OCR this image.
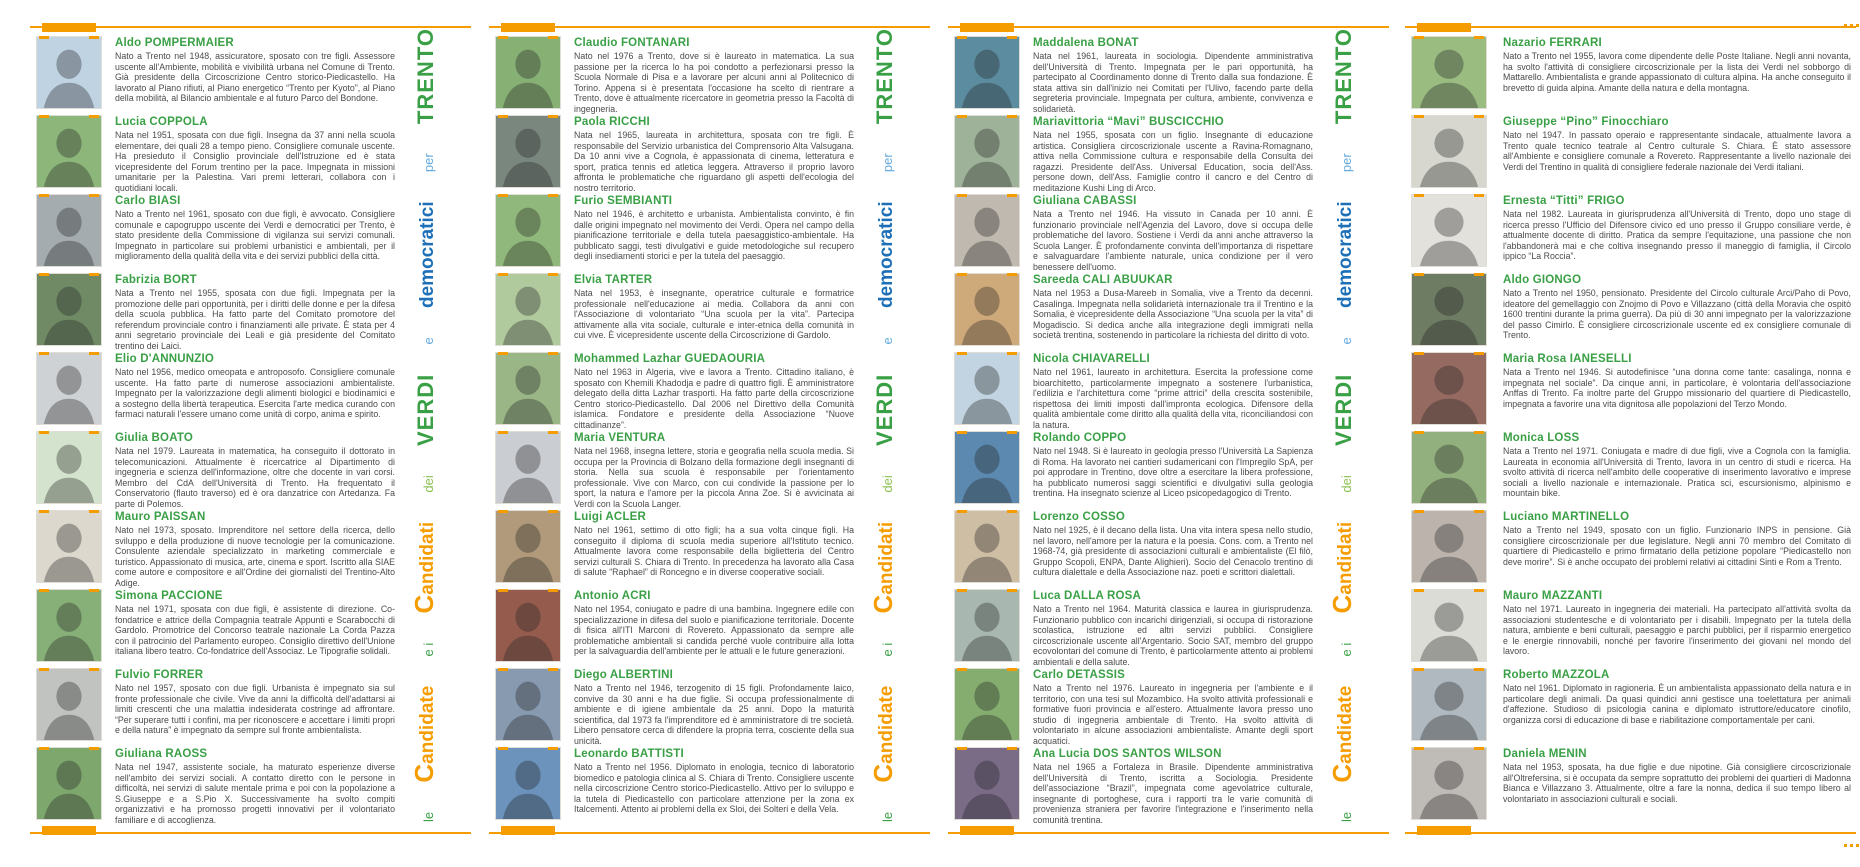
Aldo POMPERMAIER
Nato a Trento nel 1948, assicuratore, sposato con tre figli. Assessore uscente all'Ambiente, mobilità e vivibilità urbana nel Comune di Trento. Già presidente della Circoscrizione Centro storico-Piedicastello. Ha lavorato al Piano rifiuti, al Piano energetico “Trento per Kyoto”, al Piano della mobilità, al Bilancio ambientale e al futuro Parco del Bondone.
Lucia COPPOLA
Nata nel 1951, sposata con due figli. Insegna da 37 anni nella scuola elementare, dei quali 28 a tempo pieno. Consigliere comunale uscente. Ha presieduto il Consiglio provinciale dell'Istruzione ed è stata vicepresidente del Forum trentino per la pace. Impegnata in missioni umanitarie per la Palestina. Vari premi letterari, collabora con i quotidiani locali.
Carlo BIASI
Nato a Trento nel 1961, sposato con due figli, è avvocato. Consigliere comunale e capogruppo uscente dei Verdi e democratici per Trento, è stato presidente della Commissione di vigilanza sui servizi comunali. Impegnato in particolare sui problemi urbanistici e ambientali, per il miglioramento della qualità della vita e dei servizi pubblici della città.
Fabrizia BORT
Nata a Trento nel 1955, sposata con due figli. Impegnata per la promozione delle pari opportunità, per i diritti delle donne e per la difesa della scuola pubblica. Ha fatto parte del Comitato promotore del referendum provinciale contro i finanziamenti alle private. È stata per 4 anni segretario provinciale dei Leali e già presidente del Comitato trentino dei Laici.
Elio D'ANNUNZIO
Nato nel 1956, medico omeopata e antroposofo. Consigliere comunale uscente. Ha fatto parte di numerose associazioni ambientaliste. Impegnato per la valorizzazione degli alimenti biologici e biodinamici e a sostegno della libertà terapeutica. Esercita l'arte medica curando con farmaci naturali l'essere umano come unità di corpo, anima e spirito.
Giulia BOATO
Nata nel 1979. Laureata in matematica, ha conseguito il dottorato in telecomunicazioni. Attualmente è ricercatrice al Dipartimento di ingegneria e scienza dell'informazione, oltre che docente in vari corsi. Membro del CdA dell'Università di Trento. Ha frequentato il Conservatorio (flauto traverso) ed è ora danzatrice con Artedanza. Fa parte di Polemos.
Mauro PAISSAN
Nato nel 1973, sposato. Imprenditore nel settore della ricerca, dello sviluppo e della produzione di nuove tecnologie per la comunicazione. Consulente aziendale specializzato in marketing commerciale e turistico. Appassionato di musica, arte, cinema e sport. Iscritto alla SIAE come autore e compositore e all'Ordine dei giornalisti del Trentino-Alto Adige.
Simona PACCIONE
Nata nel 1971, sposata con due figli, è assistente di direzione. Co-fondatrice e attrice della Compagnia teatrale Appunti e Scarabocchi di Gardolo. Promotrice del Concorso teatrale nazionale La Corda Pazza con il patrocinio del Parlamento europeo. Consiglio direttivo dell'Unione italiana libero teatro. Co-fondatrice dell'Associaz. Le Tipografie solidali.
Fulvio FORRER
Nato nel 1957, sposato con due figli. Urbanista è impegnato sia sul fronte professionale che civile. Vive da anni la difficoltà dell'adattarsi ai limiti crescenti che una malattia indesiderata costringe ad affrontare. “Per superare tutti i confini, ma per riconoscere e accettare i limiti propri e della natura” è impegnato da sempre sul fronte ambientalista.
Giuliana RAOSS
Nata nel 1947, assistente sociale, ha maturato esperienze diverse nell'ambito dei servizi sociali. A contatto diretto con le persone in difficoltà, nei servizi di salute mentale prima e poi con la popolazione a S.Giuseppe e a S.Pio X. Successivamente ha svolto compiti organizzativi e ha promosso progetti innovativi per il volontariato familiare e di accoglienza.	le
Candidate
e i
Candidati
dei
VERDI
e
democratici
per
TRENTO	Claudio FONTANARI
Nato nel 1976 a Trento, dove si è laureato in matematica. La sua passione per la ricerca lo ha poi condotto a perfezionarsi presso la Scuola Normale di Pisa e a lavorare per alcuni anni al Politecnico di Torino. Appena si è presentata l'occasione ha scelto di rientrare a Trento, dove è attualmente ricercatore in geometria presso la Facoltà di ingegneria.
Paola RICCHI
Nata nel 1965, laureata in architettura, sposata con tre figli. È responsabile del Servizio urbanistica del Comprensorio Alta Valsugana. Da 10 anni vive a Cognola, è appassionata di cinema, letteratura e sport, pratica tennis ed atletica leggera. Attraverso il proprio lavoro affronta le problematiche che riguardano gli aspetti dell'ecologia del nostro territorio.
Furio SEMBIANTI
Nato nel 1946, è architetto e urbanista. Ambientalista convinto, è fin dalle origini impegnato nel movimento dei Verdi. Opera nel campo della pianificazione territoriale e della tutela paesaggistico-ambientale. Ha pubblicato saggi, testi divulgativi e guide metodologiche sul recupero degli insediamenti storici e per la tutela del paesaggio.
Elvia TARTER
Nata nel 1953, è insegnante, operatrice culturale e formatrice professionale nell'educazione ai media. Collabora da anni con l'Associazione di volontariato “Una scuola per la vita”. Partecipa attivamente alla vita sociale, culturale e inter-etnica della comunità in cui vive. È vicepresidente uscente della Circoscrizione di Gardolo.
Mohammed Lazhar GUEDAOURIA
Nato nel 1963 in Algeria, vive e lavora a Trento. Cittadino italiano, è sposato con Khemili Khadodja e padre di quattro figli. È amministratore delegato della ditta Lazhar trasporti. Ha fatto parte della circoscrizione Centro storico-Piedicastello. Dal 2006 nel Direttivo della Comunità islamica. Fondatore e presidente della Associazione “Nuove cittadinanze”.
Maria VENTURA
Nata nel 1968, insegna lettere, storia e geografia nella scuola media. Si occupa per la Provincia di Bolzano della formazione degli insegnanti di storia. Nella sua scuola è responsabile per l'orientamento professionale. Vive con Marco, con cui condivide la passione per lo sport, la natura e l'amore per la piccola Anna Zoe. Si è avvicinata ai Verdi con la Scuola Langer.
Luigi ACLER
Nato nel 1961, settimo di otto figli; ha a sua volta cinque figli. Ha conseguito il diploma di scuola media superiore all'Istituto tecnico. Attualmente lavora come responsabile della biglietteria del Centro servizi culturali S. Chiara di Trento. In precedenza ha lavorato alla Casa di salute “Raphael” di Roncegno e in diverse cooperative sociali.
Antonio ACRI
Nato nel 1954, coniugato e padre di una bambina. Ingegnere edile con specializzazione in difesa del suolo e pianificazione territoriale. Docente di fisica all'ITI Marconi di Rovereto. Appassionato da sempre alle problematiche ambientali si candida perché vuole contribuire alla lotta per la salvaguardia dell'ambiente per le attuali e le future generazioni.
Diego ALBERTINI
Nato a Trento nel 1946, terzogenito di 15 figli. Profondamente laico, convive da 30 anni e ha due figlie. Si occupa professionalmente di ambiente e di igiene ambientale da 25 anni. Dopo la maturità scientifica, dal 1973 fa l'imprenditore ed è amministratore di tre società. Libero pensatore cerca di difendere la propria terra, cosciente della sua unicità.
Leonardo BATTISTI
Nato a Trento nel 1956. Diplomato in enologia, tecnico di laboratorio biomedico e patologia clinica al S. Chiara di Trento. Consigliere uscente nella circoscrizione Centro storico-Piedicastello. Attivo per lo sviluppo e la tutela di Piedicastello con particolare attenzione per la zona ex Italcementi. Attento ai problemi della ex Sloi, dei Solteri e della Vela.
le
Candidate
e i
Candidati
dei
VERDI
e
democratici
per
TRENTO	Maddalena BONAT
Nata nel 1961, laureata in sociologia. Dipendente amministrativa dell'Università di Trento. Impegnata per le pari opportunità, ha partecipato al Coordinamento donne di Trento dalla sua fondazione. È stata attiva sin dall'inizio nei Comitati per l'Ulivo, facendo parte della segreteria provinciale. Impegnata per cultura, ambiente, convivenza e solidarietà.
Mariavittoria “Mavi” BUSCICCHIO
Nata nel 1955, sposata con un figlio. Insegnante di educazione artistica. Consigliera circoscrizionale uscente a Ravina-Romagnano, attiva nella Commissione cultura e responsabile della Consulta dei ragazzi. Presidente dell'Ass. Universal Education, socia dell'Ass. persone down, dell'Ass. Famiglie contro il cancro e del Centro di meditazione Kushi Ling di Arco.
Giuliana CABASSI
Nata a Trento nel 1946. Ha vissuto in Canada per 10 anni. È funzionario provinciale nell'Agenzia del Lavoro, dove si occupa delle problematiche del lavoro. Sostiene i Verdi da anni anche attraverso la Scuola Langer. È profondamente convinta dell'importanza di rispettare e salvaguardare l'ambiente naturale, unica condizione per il vero benessere dell'uomo.
Sareeda CALI ABUUKAR
Nata nel 1953 a Dusa-Mareeb in Somalia, vive a Trento da decenni. Casalinga. Impegnata nella solidarietà internazionale tra il Trentino e la Somalia, è vicepresidente della Associazione “Una scuola per la vita” di Mogadiscio. Si dedica anche alla integrazione degli immigrati nella società trentina, sostenendo in particolare la richiesta del diritto di voto.
Nicola CHIAVARELLI
Nato nel 1961, laureato in architettura. Esercita la professione come bioarchitetto, particolarmente impegnato a sostenere l'urbanistica, l'edilizia e l'architettura come “prime attrici” della crescita sostenibile, rispettosa dei limiti imposti dall'impronta ecologica. Difensore della qualità ambientale come diritto alla qualità della vita, riconciliandosi con la natura.
Rolando COPPO
Nato nel 1948. Si è laureato in geologia presso l'Università La Sapienza di Roma. Ha lavorato nei cantieri sudamericani con l'Impregilo SpA, per poi approdare in Trentino, dove oltre a esercitare la libera professione, ha pubblicato numerosi saggi scientifici e divulgativi sulla geologia trentina. Ha insegnato scienze al Liceo psicopedagogico di Trento.
Lorenzo COSSO
Nato nel 1925, è il decano della lista. Una vita intera spesa nello studio, nel lavoro, nell'amore per la natura e la poesia. Cons. com. a Trento nel 1968-74, già presidente di associazioni culturali e ambientaliste (El filò, Gruppo Scopoli, ENPA, Dante Alighieri). Socio del Cenacolo trentino di cultura dialettale e della Associazione naz. poeti e scrittori dialettali.
Luca DALLA ROSA
Nato a Trento nel 1964. Maturità classica e laurea in giurisprudenza. Funzionario pubblico con incarichi dirigenziali, si occupa di ristorazione scolastica, istruzione ed altri servizi pubblici. Consigliere circoscrizionale uscente all'Argentario. Socio SAT, membro del gruppo ecovolontari del comune di Trento, è particolarmente attento ai problemi ambientali e della salute.
Carlo DETASSIS
Nato a Trento nel 1976. Laureato in ingegneria per l'ambiente e il territorio, con una tesi sul Mozambico. Ha svolto attività professionali e formative fuori provincia e all'estero. Attualmente lavora presso uno studio di ingegneria ambientale di Trento. Ha svolto attività di volontariato in alcune associazioni ambientaliste. Amante degli sport acquatici.
Ana Lucia DOS SANTOS WILSON
Nata nel 1965 a Fortaleza in Brasile. Dipendente amministrativa dell'Università di Trento, iscritta a Sociologia. Presidente dell'associazione “Brazil”, impegnata come agevolatrice culturale, insegnante di portoghese, cura i rapporti tra le varie comunità di provenienza straniera per favorire l'integrazione e l'inserimento nella comunità trentina.	le
Candidate
e i
Candidati
dei
VERDI
e
democratici
per
TRENTO	Nazario FERRARI
Nato a Trento nel 1955, lavora come dipendente delle Poste Italiane. Negli anni novanta, ha svolto l'attività di consigliere circoscrizionale per la lista dei Verdi nel sobborgo di Mattarello. Ambientalista e grande appassionato di cultura alpina. Ha anche conseguito il brevetto di guida alpina. Amante della natura e della montagna.
Giuseppe “Pino” Finocchiaro
Nato nel 1947. In passato operaio e rappresentante sindacale, attualmente lavora a Trento quale tecnico teatrale al Centro culturale S. Chiara. È stato assessore all'Ambiente e consigliere comunale a Rovereto. Rappresentante a livello nazionale dei Verdi del Trentino in qualità di consigliere federale nazionale dei Verdi italiani.
Ernesta “Titti” FRIGO
Nata nel 1982. Laureata in giurisprudenza all'Università di Trento, dopo uno stage di ricerca presso l'Ufficio del Difensore civico ed uno presso il Gruppo consiliare verde, è attualmente docente di diritto. Pratica da sempre l'equitazione, una passione che non l'abbandonerà mai e che coltiva insegnando presso il maneggio di famiglia, il Circolo ippico “La Roccia”.
Aldo GIONGO
Nato a Trento nel 1950, pensionato. Presidente del Circolo culturale Arci/Paho di Povo, ideatore del gemellaggio con Znojmo di Povo e Villazzano (città della Moravia che ospitò 1600 trentini durante la prima guerra). Da più di 30 anni impegnato per la valorizzazione del passo Cimirlo. È consigliere circoscrizionale uscente ed ex consigliere comunale di Trento.
Maria Rosa IANESELLI
Nata a Trento nel 1946. Si autodefinisce “una donna come tante: casalinga, nonna e impegnata nel sociale”. Da cinque anni, in particolare, è volontaria dell'associazione Anffas di Trento. Fa inoltre parte del Gruppo missionario del quartiere di Piedicastello, impegnata a favorire una vita dignitosa alle popolazioni del Terzo Mondo.
Monica LOSS
Nata a Trento nel 1971. Coniugata e madre di due figli, vive a Cognola con la famiglia. Laureata in economia all'Università di Trento, lavora in un centro di studi e ricerca. Ha svolto attività di ricerca nell'ambito delle cooperative di inserimento lavorativo e imprese sociali a livello nazionale e internazionale. Pratica sci, escursionismo, alpinismo e mountain bike.
Luciano MARTINELLO
Nato a Trento nel 1949, sposato con un figlio. Funzionario INPS in pensione. Già consigliere circoscrizionale per due legislature. Negli anni 70 membro del Comitato di quartiere di Piedicastello e primo firmatario della petizione popolare “Piedicastello non deve morire”. Si è anche occupato dei problemi relativi ai cittadini Sinti e Rom a Trento.
Mauro MAZZANTI
Nato nel 1971. Laureato in ingegneria dei materiali. Ha partecipato all'attività svolta da associazioni studentesche e di volontariato per i disabili. Impegnato per la tutela della natura, ambiente e beni culturali, paesaggio e parchi pubblici, per il risparmio energetico e le energie rinnovabili, nonché per favorire l'inserimento dei giovani nel mondo del lavoro.
Roberto MAZZOLA
Nato nel 1961. Diplomato in ragioneria. È un ambientalista appassionato della natura e in particolare degli animali. Da quasi quindici anni gestisce una toelettatura per animali d'affezione. Studioso di psicologia canina e diplomato istruttore/educatore cinofilo, organizza corsi di educazione di base e riabilitazione comportamentale per cani.
Daniela MENIN
Nata nel 1953, sposata, ha due figlie e due nipotine. Già consigliere circoscrizionale all'Oltrefersina, si è occupata da sempre soprattutto dei problemi dei quartieri di Madonna Bianca e Villazzano 3. Attualmente, oltre a fare la nonna, dedica il suo tempo libero al volontariato in associazioni culturali e sociali.
